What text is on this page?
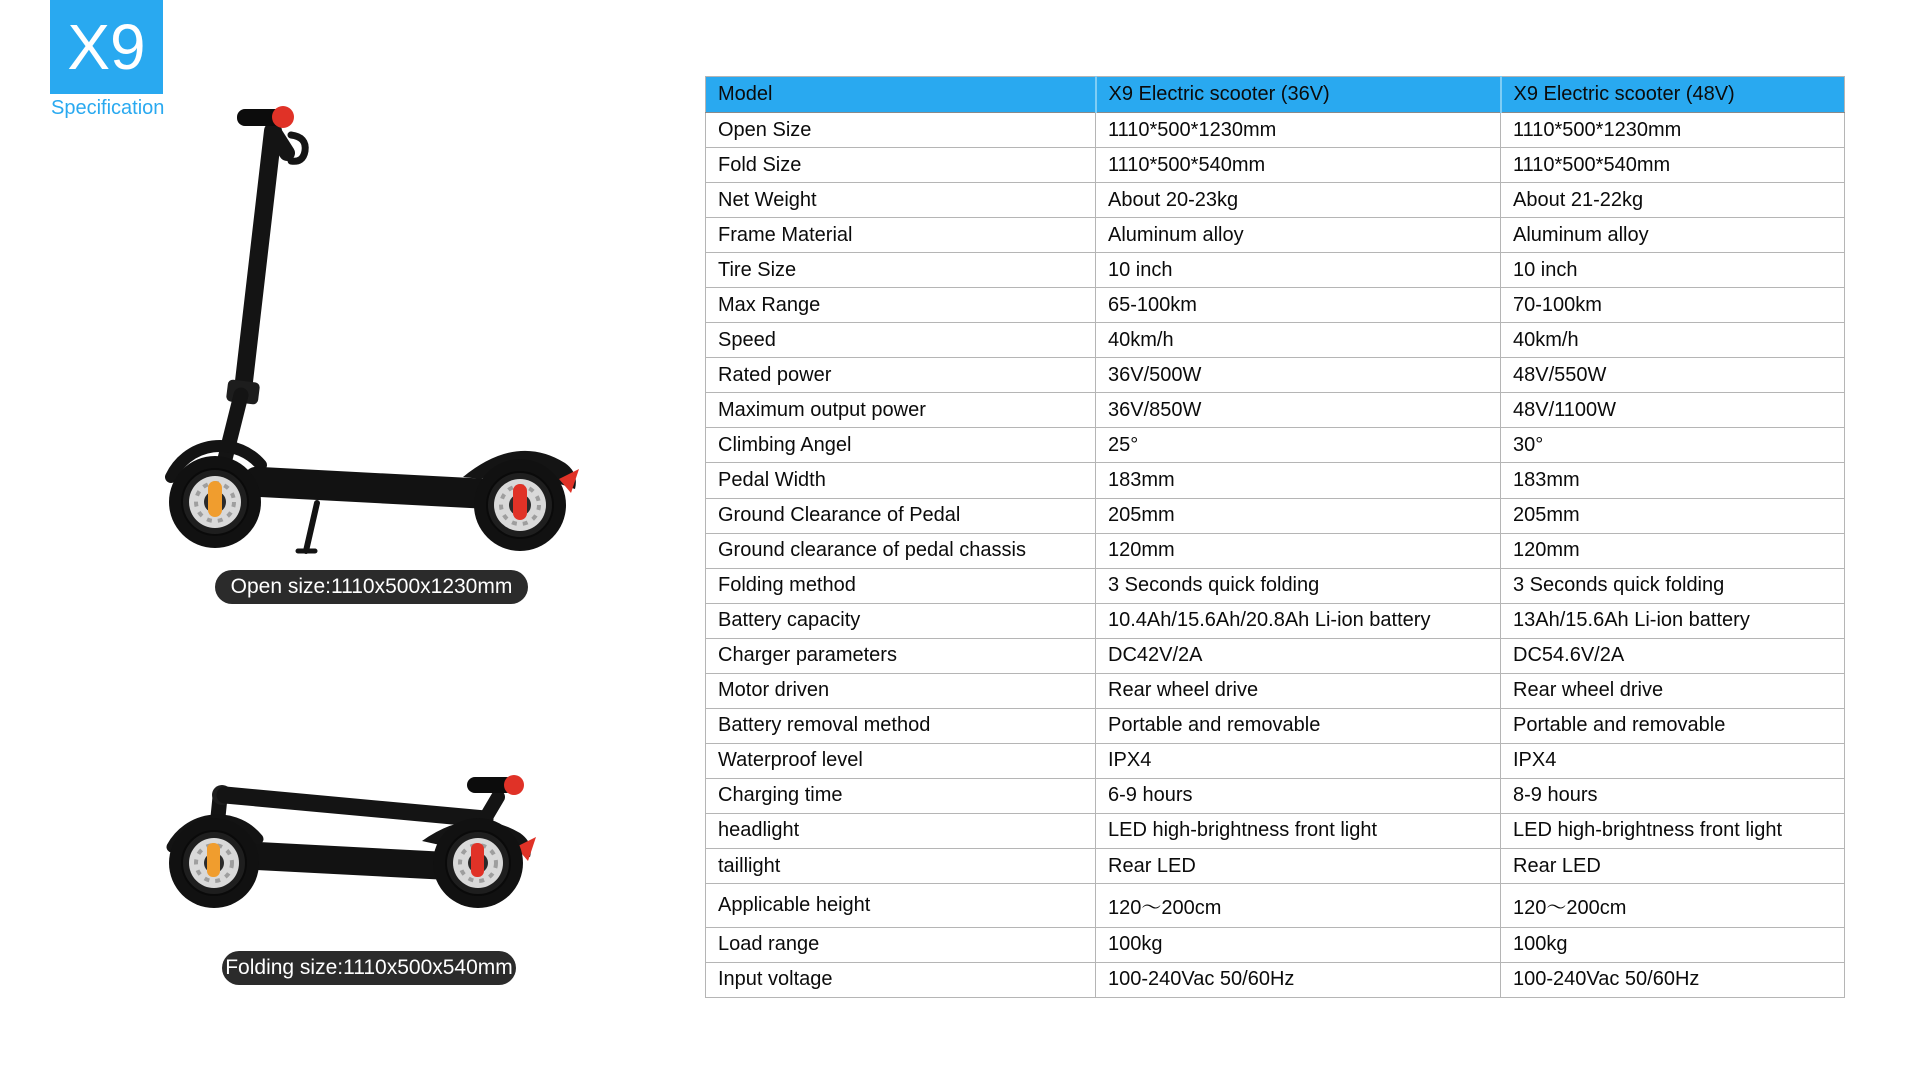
X9
Specification
Open size:1110x500x1230mm
Folding size:1110x500x540mm
Model	X9 Electric scooter (36V)	X9 Electric scooter (48V)
Open Size	1110*500*1230mm	1110*500*1230mm
Fold Size	1110*500*540mm	1110*500*540mm
Net Weight	About 20-23kg	About 21-22kg
Frame Material	Aluminum alloy	Aluminum alloy
Tire Size	10 inch	10 inch
Max Range	65-100km	70-100km
Speed	40km/h	40km/h
Rated power	36V/500W	48V/550W
Maximum output power	36V/850W	48V/1100W
Climbing Angel	25°	30°
Pedal Width	183mm	183mm
Ground Clearance of Pedal	205mm	205mm
Ground clearance of pedal chassis	120mm	120mm
Folding method	3 Seconds quick folding	3 Seconds quick folding
Battery capacity	10.4Ah/15.6Ah/20.8Ah Li-ion battery	13Ah/15.6Ah Li-ion battery
Charger parameters	DC42V/2A	DC54.6V/2A
Motor driven	Rear wheel drive	Rear wheel drive
Battery removal method	Portable and removable	Portable and removable
Waterproof level	IPX4	IPX4
Charging time	6-9 hours	8-9 hours
headlight	LED high-brightness front light	LED high-brightness front light
taillight	Rear LED	Rear LED
Applicable height	120～200cm	120～200cm
Load range	100kg	100kg
Input voltage	100-240Vac 50/60Hz	100-240Vac 50/60Hz
